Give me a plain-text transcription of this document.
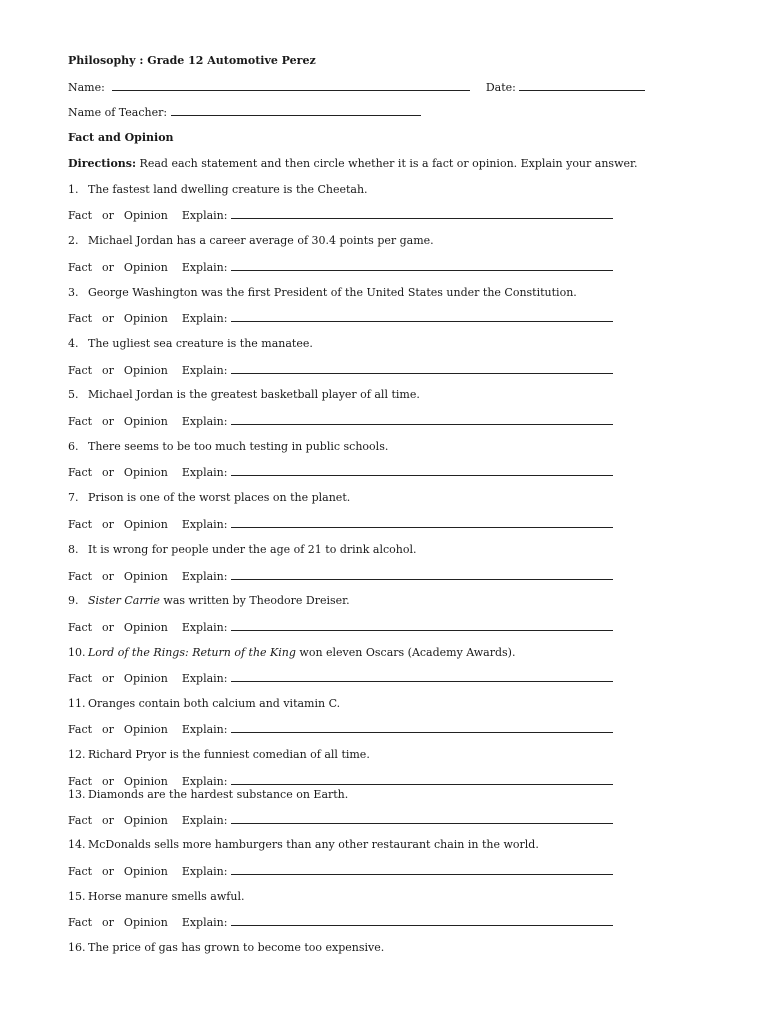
Philosophy : Grade 12 Automotive Perez
Name:	Date:
Name of Teacher:
Fact and Opinion
Directions: Read each statement and then circle whether it is a fact or opinion. Explain your answer.
1. The fastest land dwelling creature is the Cheetah.
Fact or Opinion Explain:
2. Michael Jordan has a career average of 30.4 points per game.
Fact or Opinion Explain:
3. George Washington was the first President of the United States under the Constitution.
Fact or Opinion Explain:
4. The ugliest sea creature is the manatee.
Fact or Opinion Explain:
5. Michael Jordan is the greatest basketball player of all time.
Fact or Opinion Explain:
6. There seems to be too much testing in public schools.
Fact or Opinion Explain:
7. Prison is one of the worst places on the planet.
Fact or Opinion Explain:
8. It is wrong for people under the age of 21 to drink alcohol.
Fact or Opinion Explain:
9. Sister Carrie was written by Theodore Dreiser.
Fact or Opinion Explain:
10. Lord of the Rings: Return of the King won eleven Oscars (Academy Awards).
Fact or Opinion Explain:
11. Oranges contain both calcium and vitamin C.
Fact or Opinion Explain:
12. Richard Pryor is the funniest comedian of all time.
Fact or Opinion Explain:
13. Diamonds are the hardest substance on Earth.
Fact or Opinion Explain:
14. McDonalds sells more hamburgers than any other restaurant chain in the world.
Fact or Opinion Explain:
15. Horse manure smells awful.
Fact or Opinion Explain:
16. The price of gas has grown to become too expensive.
